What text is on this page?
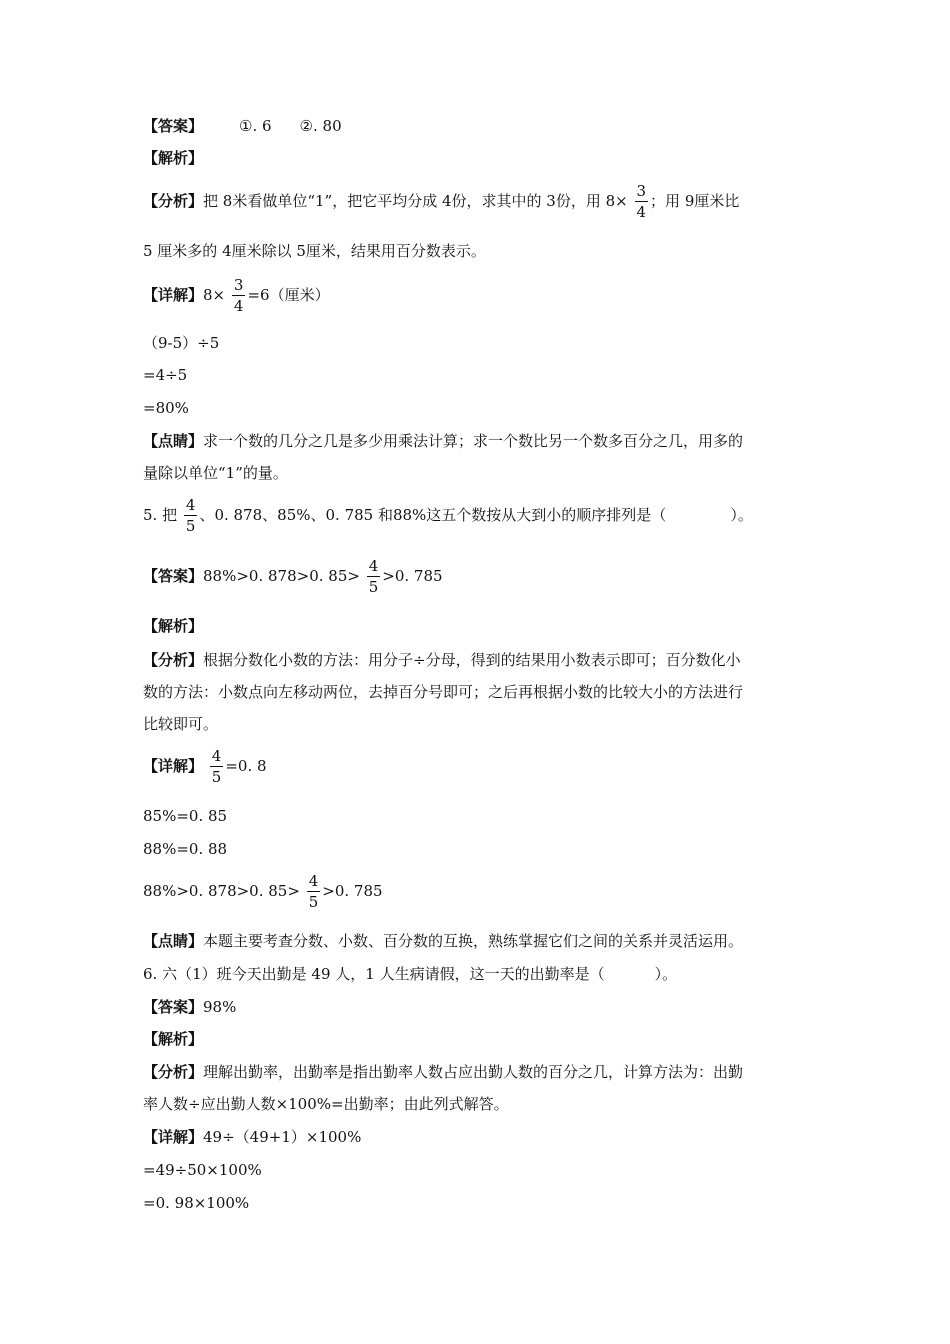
【答案】 ①. 6 ②. 80
【解析】
【分析】把 8米看做单位“1”，把它平均分成 4份，求其中的 3份，用 $8\times \frac{3}{4}$ ；用 9厘米比
5 厘米多的 4厘米除以 5厘米，结果用百分数表示。
【详解】$8\times \frac{3}{4} =6$（厘米）
（9-5）÷5
=4÷5
=80%
【点睛】求一个数的几分之几是多少用乘法计算；求一个数比另一个数多百分之几，用多的
量除以单位“1”的量。
5. 把 $\frac{4}{5}$ 、0. 878、85%、0. 785 和88%这五个数按从大到小的顺序排列是（	）。
【答案】88%>0. 878>0. $85> \frac{4}{5} >0$. 785
【解析】
【分析】根据分数化小数的方法：用分子÷分母，得到的结果用小数表示即可；百分数化小
数的方法：小数点向左移动两位，去掉百分号即可；之后再根据小数的比较大小的方法进行
比较即可。
【详解】 $\frac{4}{5} =0$. 8
85%=0. 85
88%=0. 88
88%>0. 878>0. $85> \frac{4}{5} >0$. 785
【点睛】本题主要考查分数、小数、百分数的互换，熟练掌握它们之间的关系并灵活运用。
6. 六（1）班今天出勤是 49 人，1 人生病请假，这一天的出勤率是（	）。
【答案】98%
【解析】
【分析】理解出勤率，出勤率是指出勤率人数占应出勤人数的百分之几，计算方法为：出勤
率人数÷应出勤人数×100%=出勤率；由此列式解答。
【详解】49÷（49+1）×100%
=49÷50×100%
=0. 98×100%
